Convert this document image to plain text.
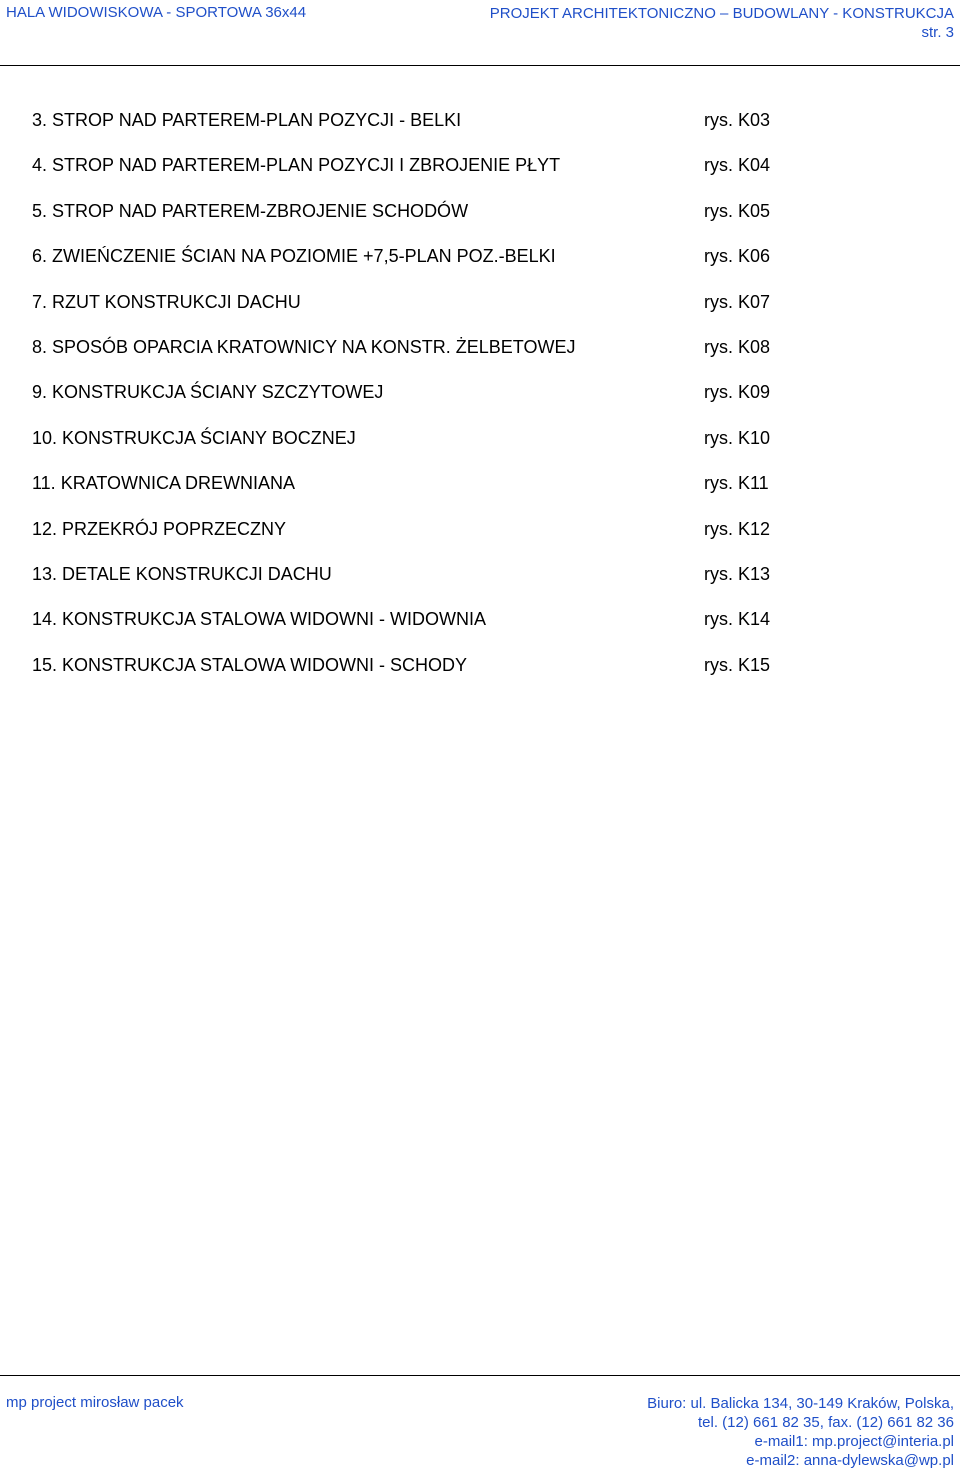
HALA WIDOWISKOWA - SPORTOWA 36x44	PROJEKT ARCHITEKTONICZNO – BUDOWLANY - KONSTRUKCJA
str. 3
3. STROP NAD PARTEREM-PLAN POZYCJI - BELKI	rys. K03
4. STROP NAD PARTEREM-PLAN POZYCJI I ZBROJENIE PŁYT	rys. K04
5. STROP NAD PARTEREM-ZBROJENIE SCHODÓW	rys. K05
6. ZWIEŃCZENIE ŚCIAN NA POZIOMIE +7,5-PLAN POZ.-BELKI	rys. K06
7. RZUT KONSTRUKCJI DACHU	rys. K07
8. SPOSÓB OPARCIA KRATOWNICY NA KONSTR. ŻELBETOWEJ	rys. K08
9. KONSTRUKCJA ŚCIANY SZCZYTOWEJ	rys. K09
10. KONSTRUKCJA ŚCIANY BOCZNEJ	rys. K10
11. KRATOWNICA DREWNIANA	rys. K11
12. PRZEKRÓJ POPRZECZNY	rys. K12
13. DETALE KONSTRUKCJI DACHU	rys. K13
14. KONSTRUKCJA STALOWA WIDOWNI - WIDOWNIA	rys. K14
15. KONSTRUKCJA STALOWA WIDOWNI - SCHODY	rys. K15
mp project mirosław pacek	Biuro: ul. Balicka 134, 30-149 Kraków, Polska,
tel. (12) 661 82 35, fax. (12) 661 82 36
e-mail1: mp.project@interia.pl
e-mail2: anna-dylewska@wp.pl
